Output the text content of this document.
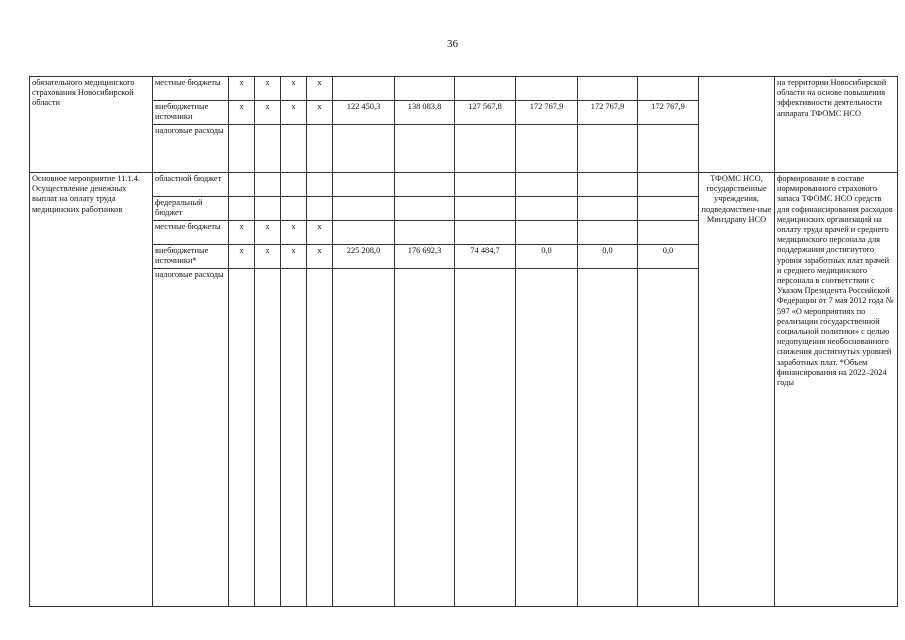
36
обязательного медицинского страхования Новосибирской области	местные бюджеты	x	x	x	x								на территории Новосибирской области на основе повышения эффективности деятельности аппарата ТФОМС НСО
	внебюджетные источники	x	x	x	x	122 450,3	138 083,8	127 567,8	172 767,9	172 767,9	172 767,9		
	налоговые расходы												
Основное мероприятие 11.1.4. Осуществление денежных выплат на оплату труда медицинских работников	областной бюджет											ТФОМС НСО, государственные учреждения, подведомствен-ные Минздраву НСО	формирование в составе нормированного страхового запаса ТФОМС НСО средств для софинансирования расходов медицинских организаций на оплату труда врачей и среднего медицинского персонала для поддержания достигнутого уровня заработных плат врачей и среднего медицинского персонала в соответствии с Указом Президента Российской Федерации от 7 мая 2012 года № 597 «О мероприятиях по реализации государственной социальной политики» с целью недопущения необоснованного снижения достигнутых уровней заработных плат. *Объем финансирования на 2022–2024 годы
	федеральный бюджет												
	местные бюджеты	x	x	x	x								
	внебюджетные источники*	x	x	x	x	225 208,0	176 692,3	74 484,7	0,0	0,0	0,0		
	налоговые расходы												
